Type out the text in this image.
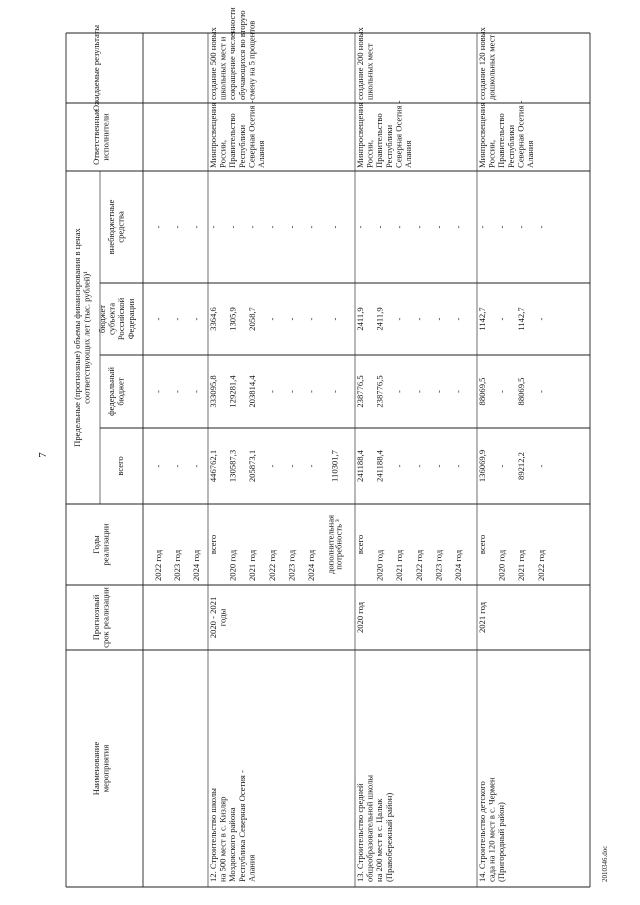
7
2010346.doc
Наименование мероприятия
Прогнозный срок реализации
Годы реализации
Предельные (прогнозные) объемы финансирования в ценах соответствующих лет (тыс. рублей)¹
всего
федеральный бюджет
бюджет субъекта Российской Федерации
внебюджетные средства
Ответственные исполнители
Ожидаемые результаты
2022 год
-
-
-
-
2023 год
-
-
-
-
2024 год
-
-
-
-
12. Строительство школы на 500 мест в с. Кизляр Моздокского района Республика Северная Осетия - Алания
2020 - 2021 годы
всего
2020 год 2021 год 2022 год 2023 год 2024 год дополнительная
потребность ³
446762,1 130587,3 205873,1 - - - 110301,7
333095,8 129281,4 203814,4 - - - -
3364,6 1305,9 2058,7 - - - -
- - - - - - -
Минпросвещения России, Правительство Республики Северная Осетия - Алания
создание 500 новых школьных мест и сокращение численности обучающихся во вторую смену на 5 процентов
13. Строительство средней общеобразовательной школы на 200 мест в с. Цалык (Правобережный район)
2020 год
всего
2020 год 2021 год 2022 год 2023 год 2024 год
241188,4 241188,4 - - - -
238776,5 238776,5 - - - -
2411,9 2411,9 - - - -
- - - - - -
Минпросвещения России, Правительство Республики Северная Осетия - Алания
создание 200 новых школьных мест
14. Строительство детского сада на 120 мест в с. Чермен (Пригородный район)
2021 год
всего
2020 год 2021 год 2022 год
136069,9 - 89212,2 -
88069,5 - 88069,5 -
1142,7 - 1142,7 -
- - - -
Минпросвещения России, Правительство Республики Северная Осетия - Алания
создание 120 новых дошкольных мест
